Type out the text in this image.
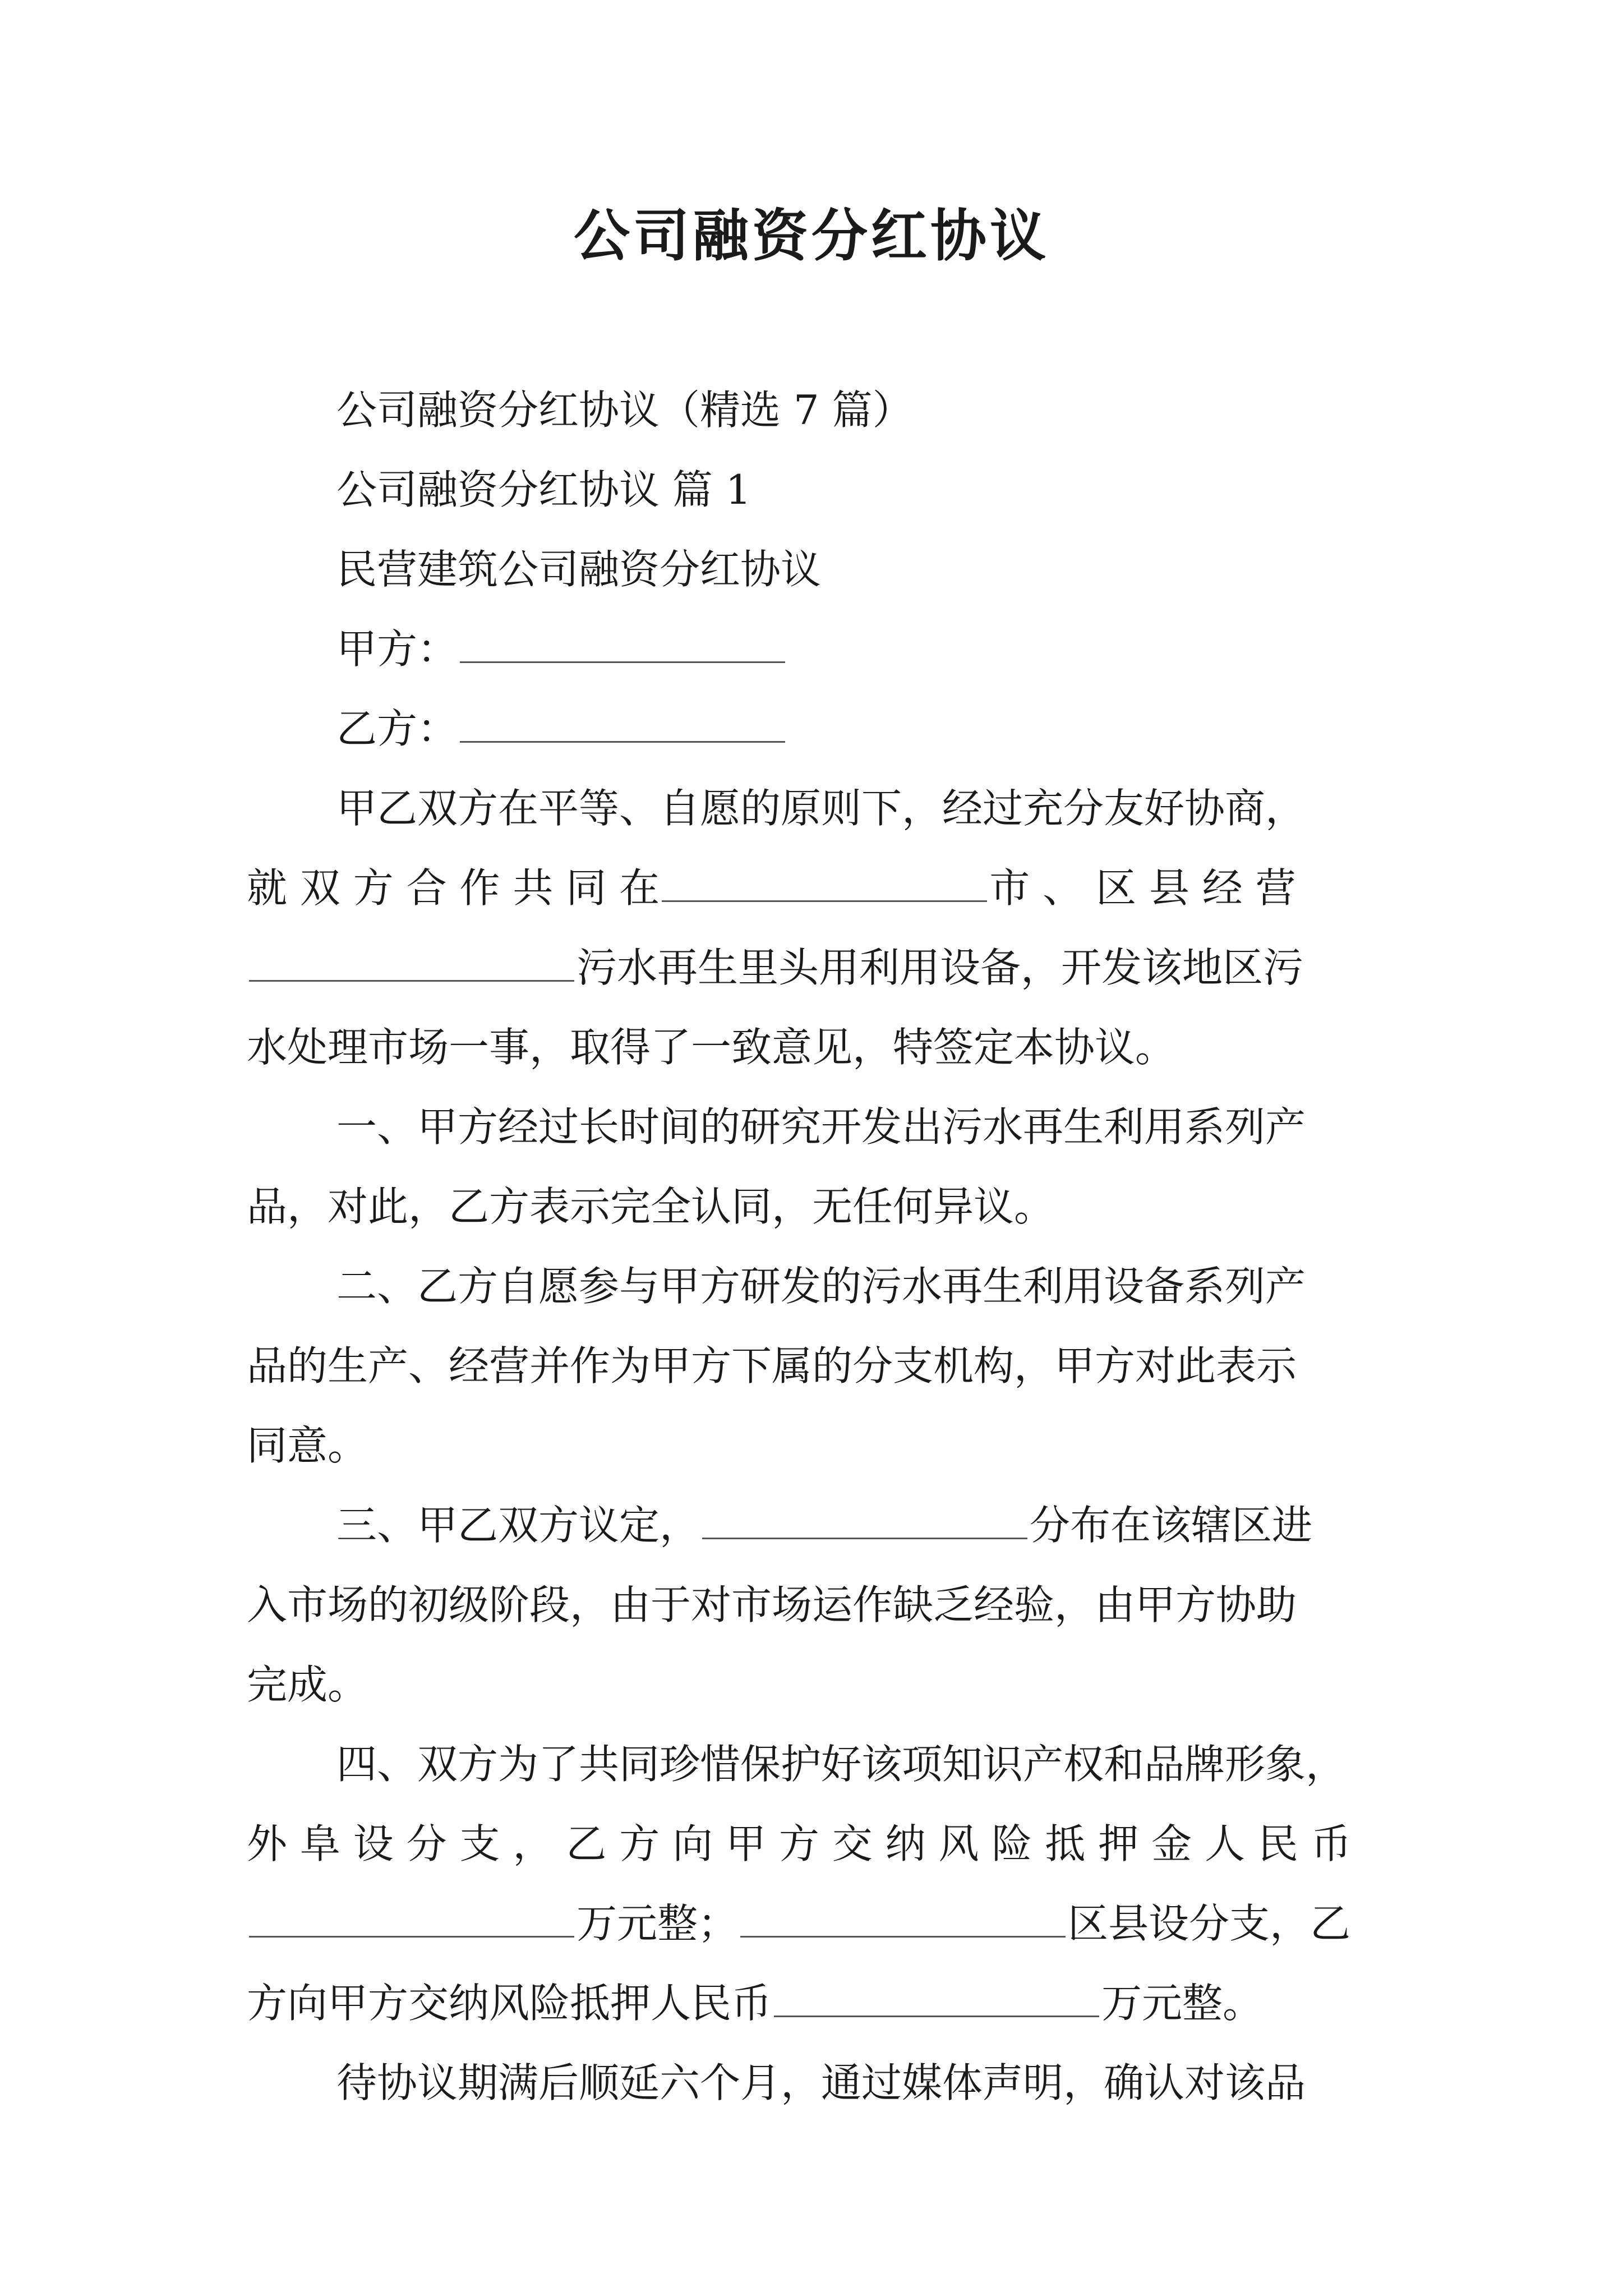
公司融资分红协议
公司融资分红协议（精选 7 篇）
公司融资分红协议 篇 1
民营建筑公司融资分红协议
甲方：
乙方：
甲乙双方在平等、自愿的原则下，经过充分友好协商，
就 双 方 合 作 共 同 在	市 、 区 县 经 营
污水再生里头用利用设备，开发该地区污
水处理市场一事，取得了一致意见，特签定本协议。
一、甲方经过长时间的研究开发出污水再生利用系列产
品，对此，乙方表示完全认同，无任何异议。
二、乙方自愿参与甲方研发的污水再生利用设备系列产
品的生产、经营并作为甲方下属的分支机构，甲方对此表示
同意。
三、甲乙双方议定，	分布在该辖区进
入市场的初级阶段，由于对市场运作缺乏经验，由甲方协助
完成。
四、双方为了共同珍惜保护好该项知识产权和品牌形象，
外 阜 设 分 支 ， 乙 方 向 甲 方 交 纳 风 险 抵 押 金 人 民 币
万元整；	区县设分支，乙
方向甲方交纳风险抵押人民币	万元整。
待协议期满后顺延六个月，通过媒体声明，确认对该品
